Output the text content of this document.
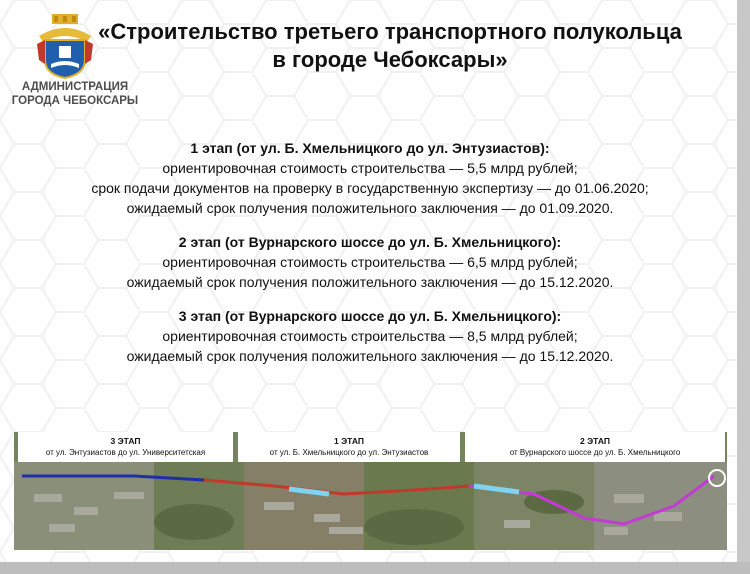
АДМИНИСТРАЦИЯ
ГОРОДА ЧЕБОКСАРЫ
«Строительство третьего транспортного полукольца
в городе Чебоксары»
1 этап (от ул. Б. Хмельницкого до ул. Энтузиастов):
ориентировочная стоимость строительства — 5,5 млрд рублей;
срок подачи документов на проверку в государственную экспертизу — до 01.06.2020;
ожидаемый срок получения положительного заключения — до 01.09.2020.
2 этап (от Вурнарского шоссе до ул. Б. Хмельницкого):
ориентировочная стоимость строительства — 6,5 млрд рублей;
ожидаемый срок получения положительного заключения — до 15.12.2020.
3 этап (от Вурнарского шоссе до ул. Б. Хмельницкого):
ориентировочная стоимость строительства — 8,5 млрд рублей;
ожидаемый срок получения положительного заключения — до 15.12.2020.
3 ЭТАП
от ул. Энтузиастов до ул. Университетская
1 ЭТАП
от ул. Б. Хмельницкого до ул. Энтузиастов
2 ЭТАП
от Вурнарского шоссе до ул. Б. Хмельницкого
